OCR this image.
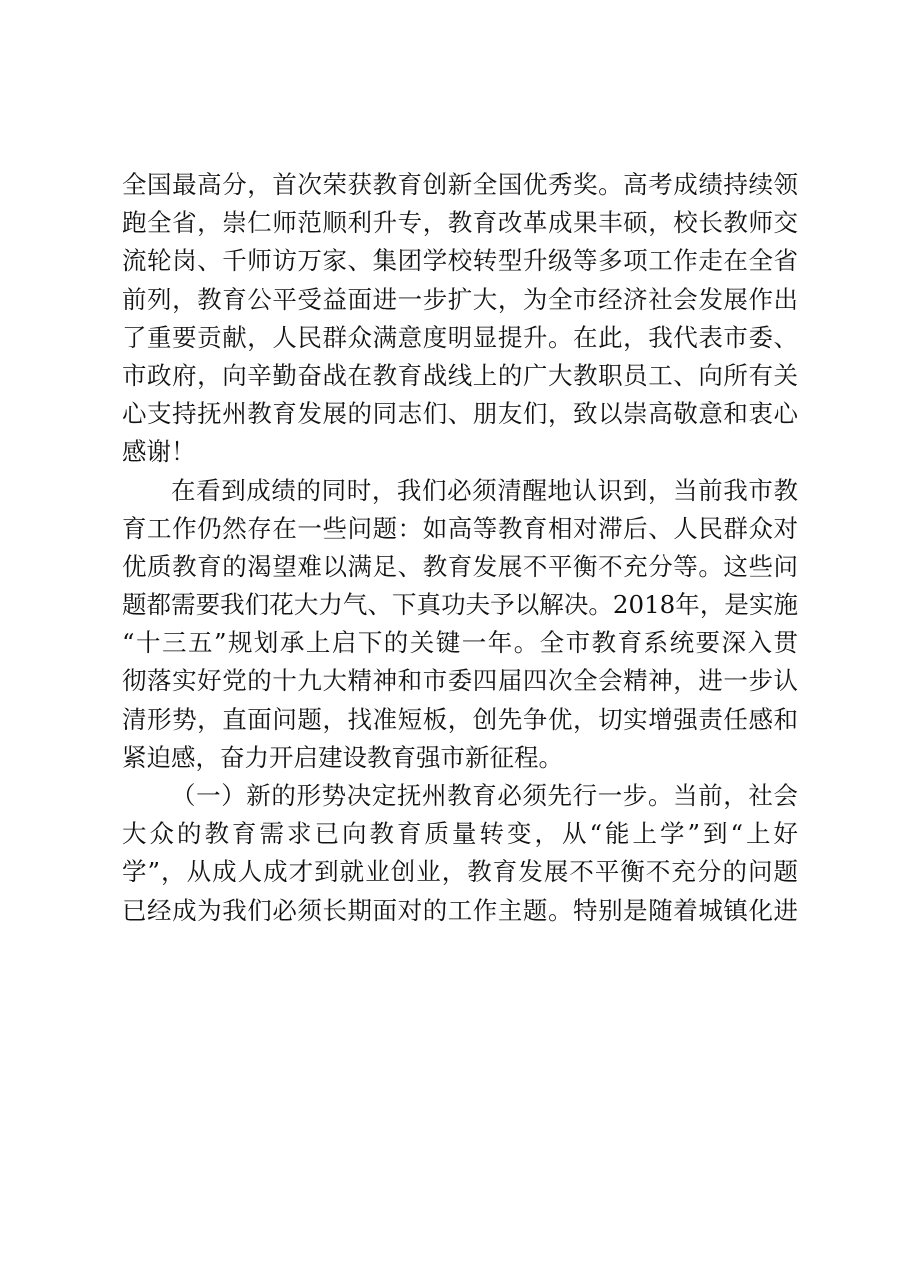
全国最高分，首次荣获教育创新全国优秀奖。高考成绩持续领
跑全省，崇仁师范顺利升专，教育改革成果丰硕，校长教师交
流轮岗、千师访万家、集团学校转型升级等多项工作走在全省
前列，教育公平受益面进一步扩大，为全市经济社会发展作出
了重要贡献，人民群众满意度明显提升。在此，我代表市委、
市政府，向辛勤奋战在教育战线上的广大教职员工、向所有关
心支持抚州教育发展的同志们、朋友们，致以崇高敬意和衷心
感谢！
在看到成绩的同时，我们必须清醒地认识到，当前我市教
育工作仍然存在一些问题：如高等教育相对滞后、人民群众对
优质教育的渴望难以满足、教育发展不平衡不充分等。这些问
题都需要我们花大力气、下真功夫予以解决。2018年，是实施
“十三五”规划承上启下的关键一年。全市教育系统要深入贯
彻落实好党的十九大精神和市委四届四次全会精神，进一步认
清形势，直面问题，找准短板，创先争优，切实增强责任感和
紧迫感，奋力开启建设教育强市新征程。
（一）新的形势决定抚州教育必须先行一步。当前，社会
大众的教育需求已向教育质量转变，从“能上学”到“上好
学”，从成人成才到就业创业，教育发展不平衡不充分的问题
已经成为我们必须长期面对的工作主题。特别是随着城镇化进
